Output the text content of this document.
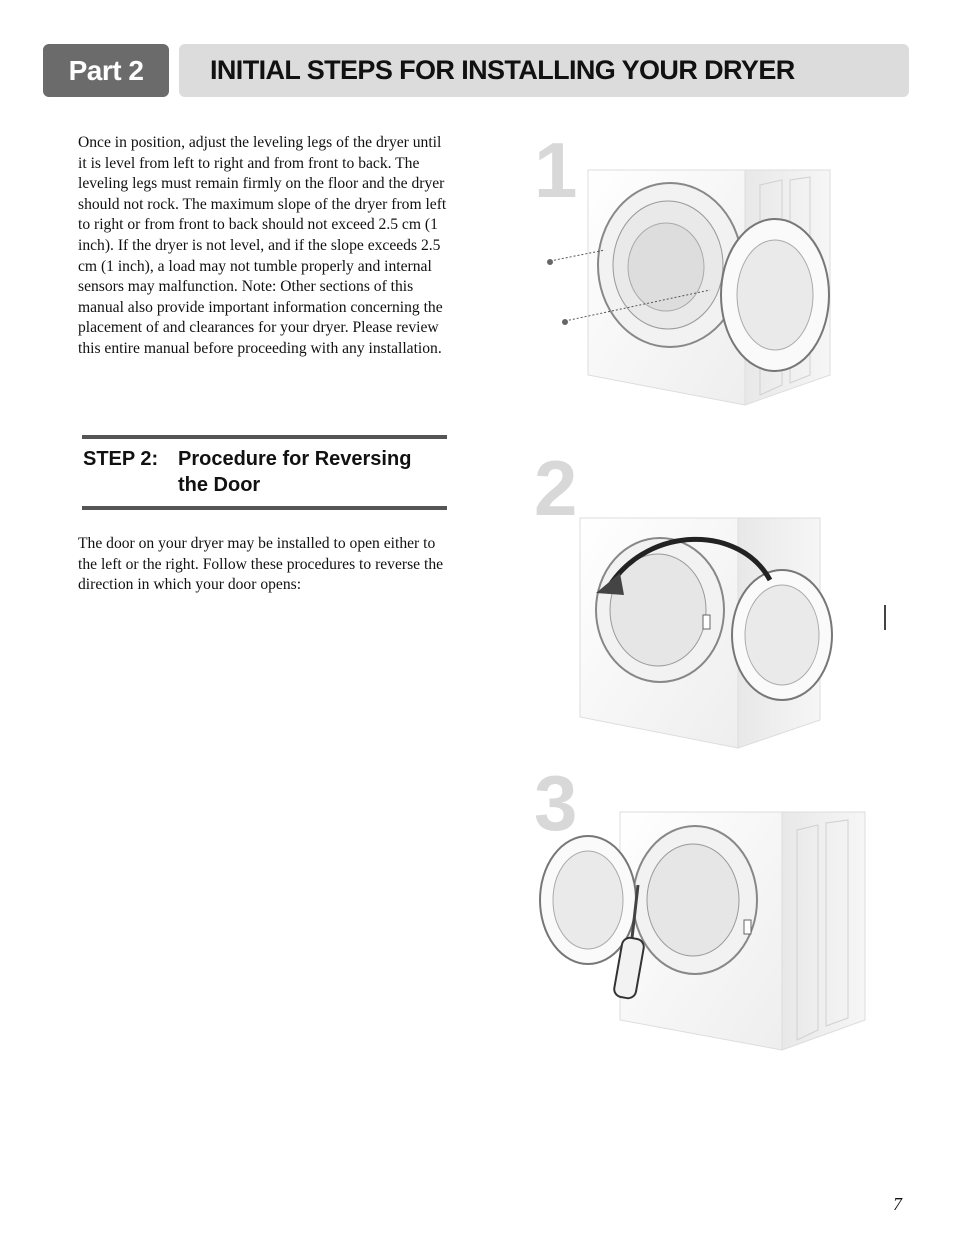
Part 2 INITIAL STEPS FOR INSTALLING YOUR DRYER

Once in position, adjust the leveling legs of the dryer until it is level from left to right and from front to back. The leveling legs must remain firmly on the floor and the dryer should not rock. The maximum slope of the dryer from left to right or from front to back should not exceed 2.5 cm (1 inch). If the dryer is not level, and if the slope exceeds 2.5 cm (1 inch), a load may not tumble properly and internal sensors may malfunction. Note: Other sections of this manual also provide important information concerning the placement of and clearances for your dryer. Please review this entire manual before proceeding with any installation.

STEP 2: Procedure for Reversing the Door

The door on your dryer may be installed to open either to the left or the right. Follow these procedures to reverse the direction in which your door opens:

1
2
3
7
